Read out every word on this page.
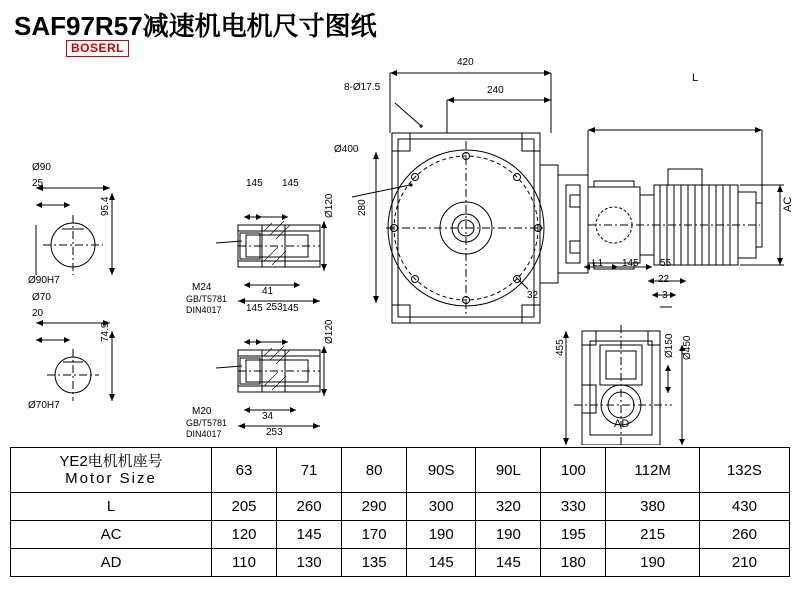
SAF97R57减速机电机尺寸图纸
BOSERL
420
240
8-Ø17.5
Ø400
280
32
L
AC
AD
L1 145 55
22
3
455	Ø150 Ø450
Ø90
25
Ø90H7
95.4
Ø70
20
Ø70H7
74.9
145 145
Ø120
M24
GB/T5781
DIN4017
41
253
145 145
Ø120
M20
GB/T5781
DIN4017
34
253
YE2电机机座号
Motor Size	63	71	80	90S	90L	100	112M	132S
L	205	260	290	300	320	330	380	430
AC	120	145	170	190	190	195	215	260
AD	110	130	135	145	145	180	190	210
